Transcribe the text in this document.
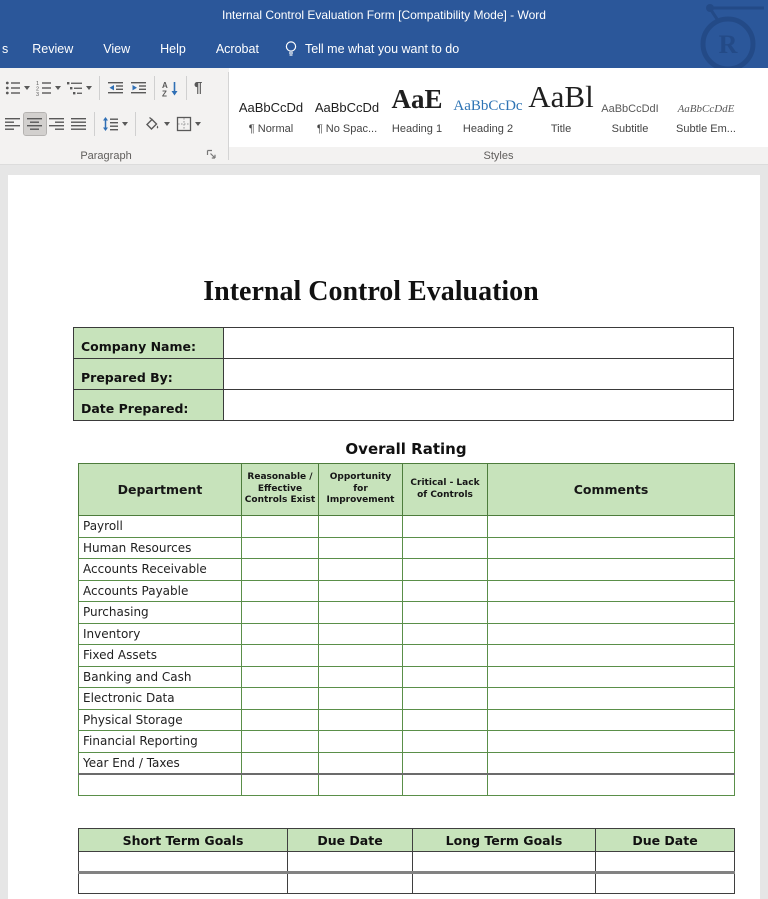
Internal Control Evaluation Form [Compatibility Mode] - Word
s	Review	View	Help	Acrobat	Tell me what you want to do	R
1
2
3
A
Z ¶
Paragraph
AaBbCcDd
¶ Normal
AaBbCcDd
¶ No Spac...
AaE
Heading 1
AaBbCcDc
Heading 2
AaBl
Title
AaBbCcDdI
Subtitle
AaBbCcDdE
Subtle Em...
Styles
Internal Control Evaluation
Company Name:	
Prepared By:	
Date Prepared:	
Overall Rating
Department	Reasonable / Effective Controls Exist	Opportunity for Improvement	Critical - Lack of Controls	Comments
Payroll				
Human Resources				
Accounts Receivable				
Accounts Payable				
Purchasing				
Inventory				
Fixed Assets				
Banking and Cash				
Electronic Data				
Physical Storage				
Financial Reporting				
Year End / Taxes				

Short Term Goals	Due Date	Long Term Goals	Due Date
